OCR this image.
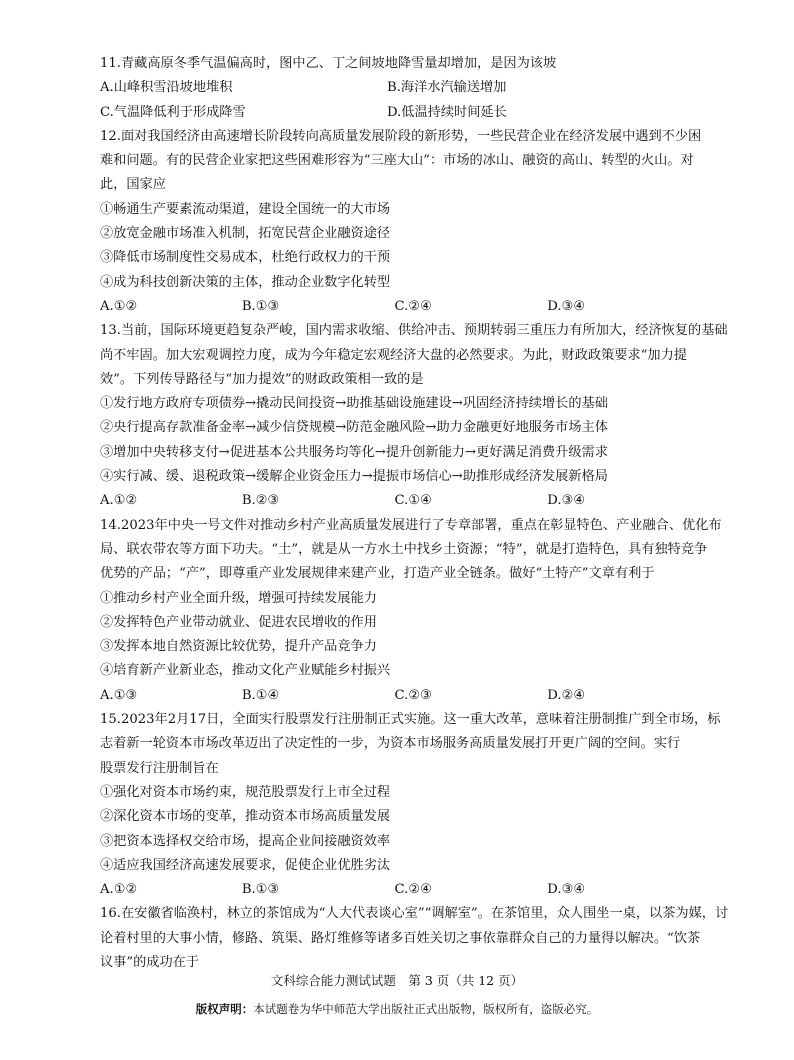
11.青藏高原冬季气温偏高时，图中乙、丁之间坡地降雪量却增加，是因为该坡
A.山峰积雪沿坡地堆积	B.海洋水汽输送增加
C.气温降低利于形成降雪	D.低温持续时间延长
12.面对我国经济由高速增长阶段转向高质量发展阶段的新形势，一些民营企业在经济发展中遇到不少困
难和问题。有的民营企业家把这些困难形容为“三座大山”：市场的冰山、融资的高山、转型的火山。对
此，国家应
①畅通生产要素流动渠道，建设全国统一的大市场
②放宽金融市场准入机制，拓宽民营企业融资途径
③降低市场制度性交易成本，杜绝行政权力的干预
④成为科技创新决策的主体，推动企业数字化转型
A.①②	B.①③	C.②④	D.③④
13.当前，国际环境更趋复杂严峻，国内需求收缩、供给冲击、预期转弱三重压力有所加大，经济恢复的基础
尚不牢固。加大宏观调控力度，成为今年稳定宏观经济大盘的必然要求。为此，财政政策要求“加力提
效”。下列传导路径与“加力提效”的财政政策相一致的是
①发行地方政府专项债券→撬动民间投资→助推基础设施建设→巩固经济持续增长的基础
②央行提高存款准备金率→减少信贷规模→防范金融风险→助力金融更好地服务市场主体
③增加中央转移支付→促进基本公共服务均等化→提升创新能力→更好满足消费升级需求
④实行减、缓、退税政策→缓解企业资金压力→提振市场信心→助推形成经济发展新格局
A.①②	B.②③	C.①④	D.③④
14.2023年中央一号文件对推动乡村产业高质量发展进行了专章部署，重点在彰显特色、产业融合、优化布
局、联农带农等方面下功夫。“土”，就是从一方水土中找乡土资源；“特”，就是打造特色，具有独特竞争
优势的产品；“产”，即尊重产业发展规律来建产业，打造产业全链条。做好“土特产”文章有利于
①推动乡村产业全面升级，增强可持续发展能力
②发挥特色产业带动就业、促进农民增收的作用
③发挥本地自然资源比较优势，提升产品竞争力
④培育新产业新业态，推动文化产业赋能乡村振兴
A.①③	B.①④	C.②③	D.②④
15.2023年2月17日，全面实行股票发行注册制正式实施。这一重大改革，意味着注册制推广到全市场，标
志着新一轮资本市场改革迈出了决定性的一步，为资本市场服务高质量发展打开更广阔的空间。实行
股票发行注册制旨在
①强化对资本市场约束，规范股票发行上市全过程
②深化资本市场的变革，推动资本市场高质量发展
③把资本选择权交给市场，提高企业间接融资效率
④适应我国经济高速发展要求，促使企业优胜劣汰
A.①②	B.①③	C.②④	D.③④
16.在安徽省临涣村，林立的茶馆成为“人大代表谈心室”“调解室”。在茶馆里，众人围坐一桌，以茶为媒，讨
论着村里的大事小情，修路、筑渠、路灯维修等诸多百姓关切之事依靠群众自己的力量得以解决。“饮茶
议事”的成功在于
文科综合能力测试试题　第 3 页（共 12 页）
版权声明：本试题卷为华中师范大学出版社正式出版物，版权所有，盗版必究。
